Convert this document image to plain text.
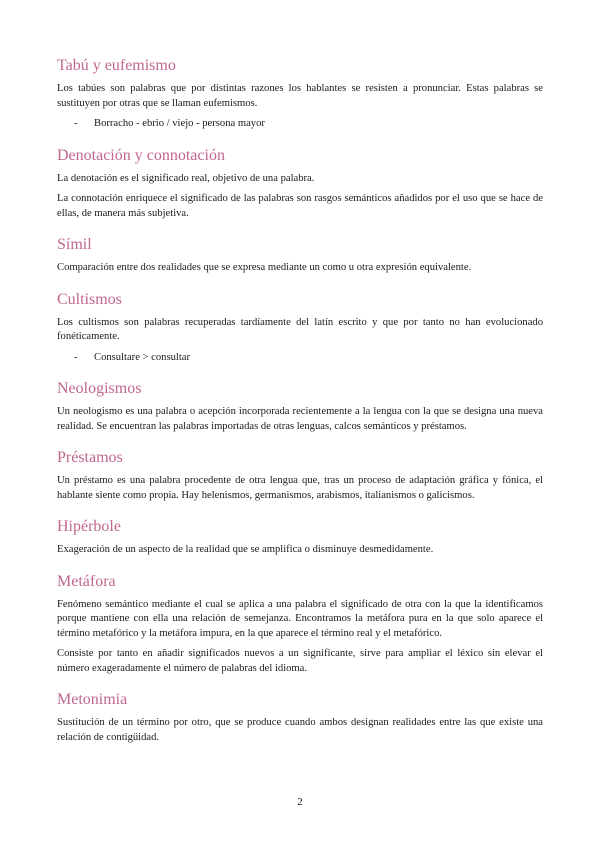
Tabú y eufemismo

Los tabúes son palabras que por distintas razones los hablantes se resisten a pronunciar. Estas palabras se sustituyen por otras que se llaman eufemismos.

- Borracho - ebrio / viejo - persona mayor
Denotación y connotación

La denotación es el significado real, objetivo de una palabra.

La connotación enriquece el significado de las palabras son rasgos semánticos añadidos por el uso que se hace de ellas, de manera más subjetiva.

Símil

Comparación entre dos realidades que se expresa mediante un como u otra expresión equivalente.

Cultismos

Los cultismos son palabras recuperadas tardíamente del latín escrito y que por tanto no han evolucionado fonéticamente.

- Consultare > consultar
Neologismos

Un neologismo es una palabra o acepción incorporada recientemente a la lengua con la que se designa una nueva realidad. Se encuentran las palabras importadas de otras lenguas, calcos semánticos y préstamos.

Préstamos

Un préstamo es una palabra procedente de otra lengua que, tras un proceso de adaptación gráfica y fónica, el hablante siente como propia. Hay helenismos, germanismos, arabismos, italianismos o galicismos.

Hipérbole

Exageración de un aspecto de la realidad que se amplifica o disminuye desmedidamente.

Metáfora

Fenómeno semántico mediante el cual se aplica a una palabra el significado de otra con la que la identificamos porque mantiene con ella una relación de semejanza. Encontramos la metáfora pura en la que solo aparece el término metafórico y la metáfora impura, en la que aparece el término real y el metafórico.

Consiste por tanto en añadir significados nuevos a un significante, sirve para ampliar el léxico sin elevar el número exageradamente el número de palabras del idioma.

Metonimia

Sustitución de un término por otro, que se produce cuando ambos designan realidades entre las que existe una relación de contigüidad.

2
